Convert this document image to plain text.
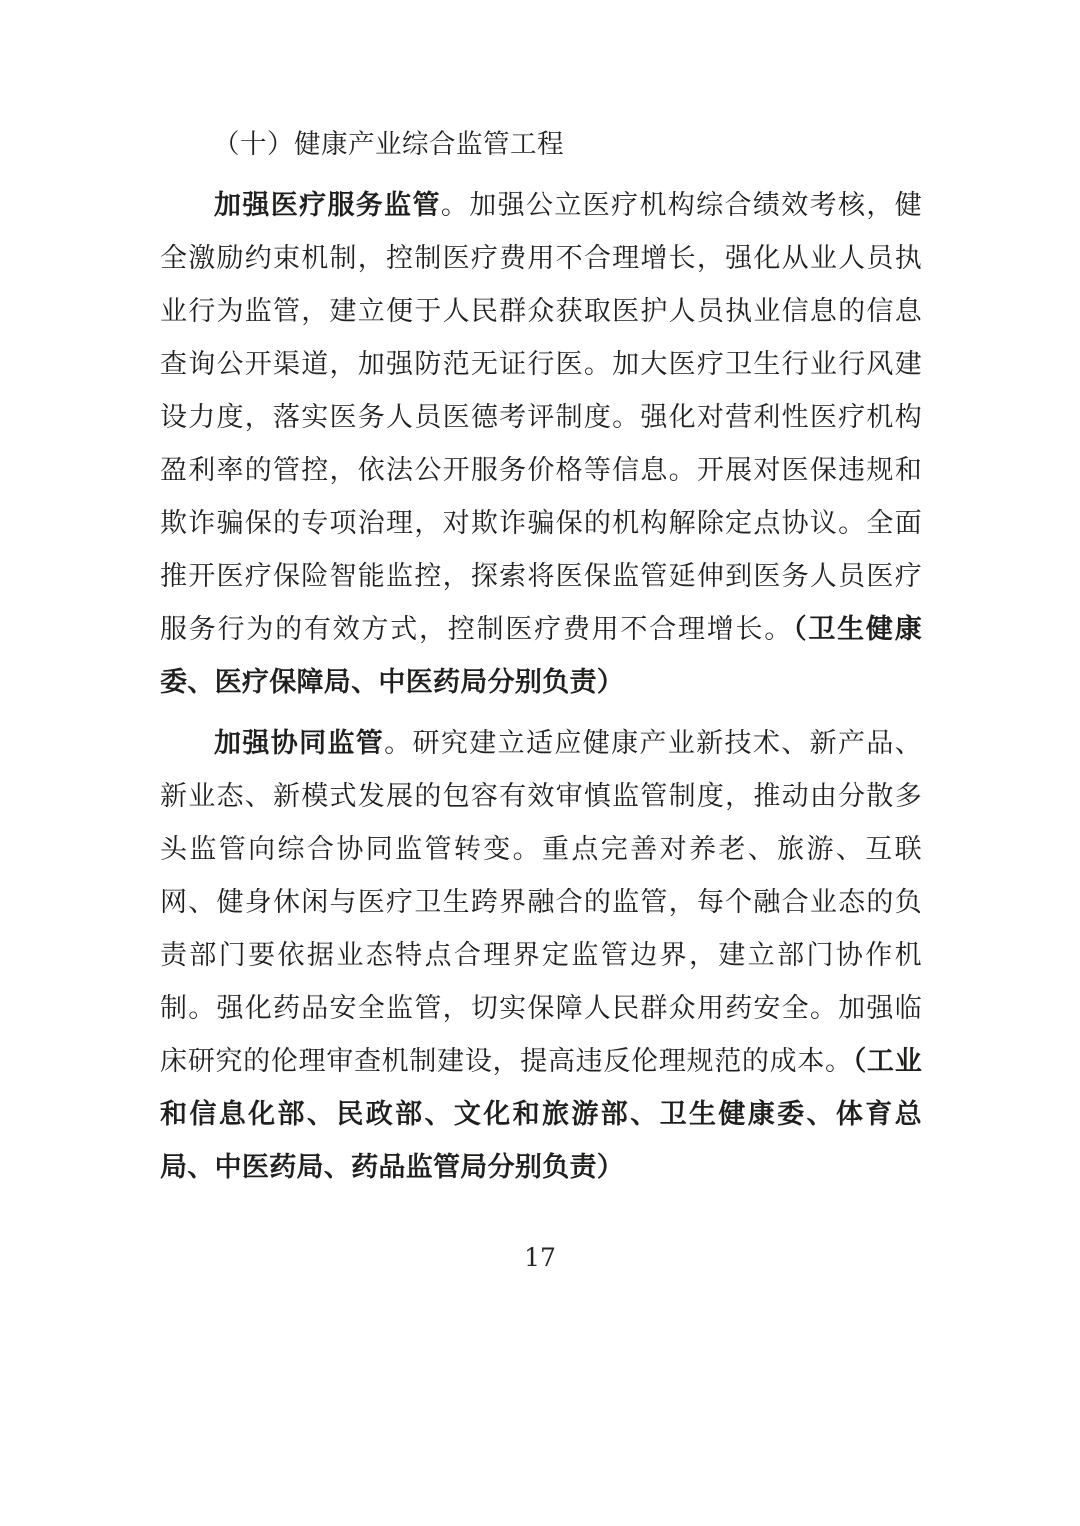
（十）健康产业综合监管工程

加强医疗服务监管。加强公立医疗机构综合绩效考核，健全激励约束机制，控制医疗费用不合理增长，强化从业人员执业行为监管，建立便于人民群众获取医护人员执业信息的信息查询公开渠道，加强防范无证行医。加大医疗卫生行业行风建设力度，落实医务人员医德考评制度。强化对营利性医疗机构盈利率的管控，依法公开服务价格等信息。开展对医保违规和欺诈骗保的专项治理，对欺诈骗保的机构解除定点协议。全面推开医疗保险智能监控，探索将医保监管延伸到医务人员医疗服务行为的有效方式，控制医疗费用不合理增长。（卫生健康委、医疗保障局、中医药局分别负责）

加强协同监管。研究建立适应健康产业新技术、新产品、新业态、新模式发展的包容有效审慎监管制度，推动由分散多头监管向综合协同监管转变。重点完善对养老、旅游、互联网、健身休闲与医疗卫生跨界融合的监管，每个融合业态的负责部门要依据业态特点合理界定监管边界，建立部门协作机制。强化药品安全监管，切实保障人民群众用药安全。加强临床研究的伦理审查机制建设，提高违反伦理规范的成本。（工业和信息化部、民政部、文化和旅游部、卫生健康委、体育总局、中医药局、药品监管局分别负责）

17
